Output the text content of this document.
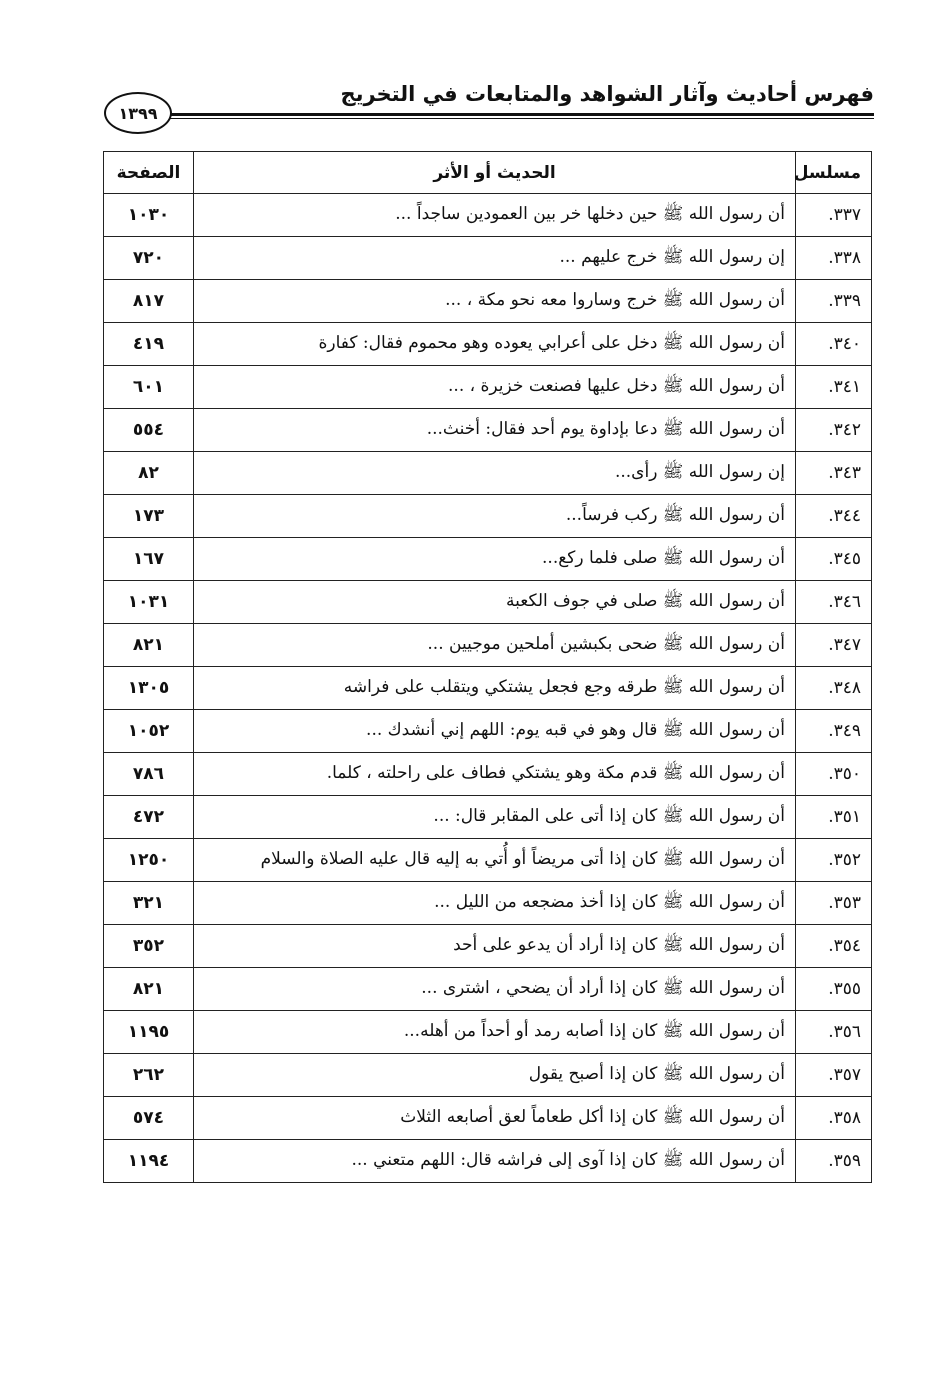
فهرس أحاديث وآثار الشواهد والمتابعات في التخريج
١٣٩٩
مسلسل	الحديث أو الأثر	الصفحة
٣٣٧.	أن رسول الله ﷺ حين دخلها خر بين العمودين ساجداً ...	١٠٣٠
٣٣٨.	إن رسول الله ﷺ خرج عليهم ...	٧٢٠
٣٣٩.	أن رسول الله ﷺ خرج وساروا معه نحو مكة ، ...	٨١٧
٣٤٠.	أن رسول الله ﷺ دخل على أعرابي يعوده وهو محموم فقال: كفارة	٤١٩
٣٤١.	أن رسول الله ﷺ دخل عليها فصنعت خزيرة ، ...	٦٠١
٣٤٢.	أن رسول الله ﷺ دعا بإداوة يوم أحد فقال: أخنث...	٥٥٤
٣٤٣.	إن رسول الله ﷺ رأى...	٨٢
٣٤٤.	أن رسول الله ﷺ ركب فرساً...	١٧٣
٣٤٥.	أن رسول الله ﷺ صلى فلما ركع...	١٦٧
٣٤٦.	أن رسول الله ﷺ صلى في جوف الكعبة	١٠٣١
٣٤٧.	أن رسول الله ﷺ ضحى بكبشين أملحين موجيين ...	٨٢١
٣٤٨.	أن رسول الله ﷺ طرقه وجع فجعل يشتكي ويتقلب على فراشه	١٣٠٥
٣٤٩.	أن رسول الله ﷺ قال وهو في قبه يوم: اللهم إني أنشدك ...	١٠٥٢
٣٥٠.	أن رسول الله ﷺ قدم مكة وهو يشتكي فطاف على راحلته ، كلما.	٧٨٦
٣٥١.	أن رسول الله ﷺ كان إذا أتى على المقابر قال: ...	٤٧٢
٣٥٢.	أن رسول الله ﷺ كان إذا أتى مريضاً أو أُتي به إليه قال عليه الصلاة والسلام	١٢٥٠
٣٥٣.	أن رسول الله ﷺ كان إذا أخذ مضجعه من الليل ...	٣٢١
٣٥٤.	أن رسول الله ﷺ كان إذا أراد أن يدعو على أحد	٣٥٢
٣٥٥.	أن رسول الله ﷺ كان إذا أراد أن يضحي ، اشترى ...	٨٢١
٣٥٦.	أن رسول الله ﷺ كان إذا أصابه رمد أو أحداً من أهله...	١١٩٥
٣٥٧.	أن رسول الله ﷺ كان إذا أصبح يقول	٢٦٢
٣٥٨.	أن رسول الله ﷺ كان إذا أكل طعاماً لعق أصابعه الثلاث	٥٧٤
٣٥٩.	أن رسول الله ﷺ كان إذا آوى إلى فراشه قال: اللهم متعني ...	١١٩٤
